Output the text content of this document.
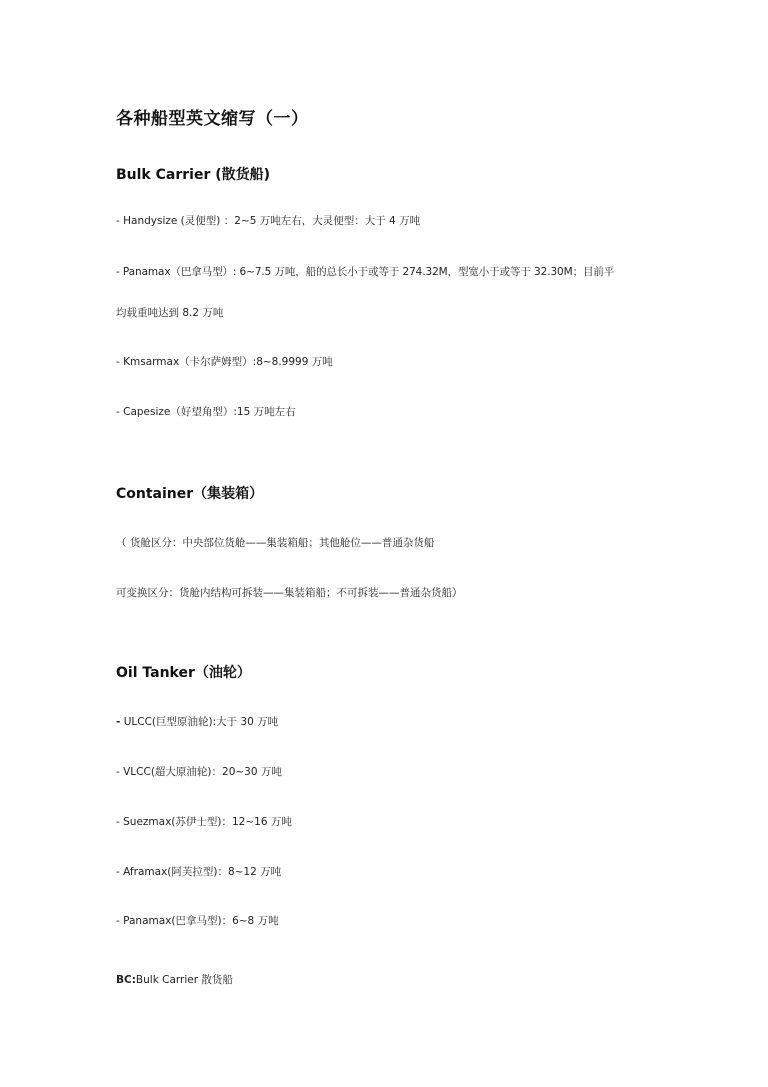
各种船型英文缩写（一）

Bulk Carrier (散货船)

- Handysize (灵便型) ：2~5 万吨左右，大灵便型：大于 4 万吨

- Panamax（巴拿马型）: 6~7.5 万吨，船的总长小于或等于 274.32M，型宽小于或等于 32.30M；目前平

均载重吨达到 8.2 万吨

- Kmsarmax（卡尔萨姆型）:8~8.9999 万吨

- Capesize（好望角型）:15 万吨左右

Container（集装箱）

（ 货舱区分：中央部位货舱——集装箱船；其他舱位——普通杂货船

可变换区分：货舱内结构可拆装——集装箱船；不可拆装——普通杂货船）

Oil Tanker（油轮）

- ULCC(巨型原油轮):大于 30 万吨

- VLCC(超大原油轮)：20~30 万吨

- Suezmax(苏伊士型)：12~16 万吨

- Aframax(阿芙拉型)：8~12 万吨

- Panamax(巴拿马型)：6~8 万吨

BC:Bulk Carrier 散货船
